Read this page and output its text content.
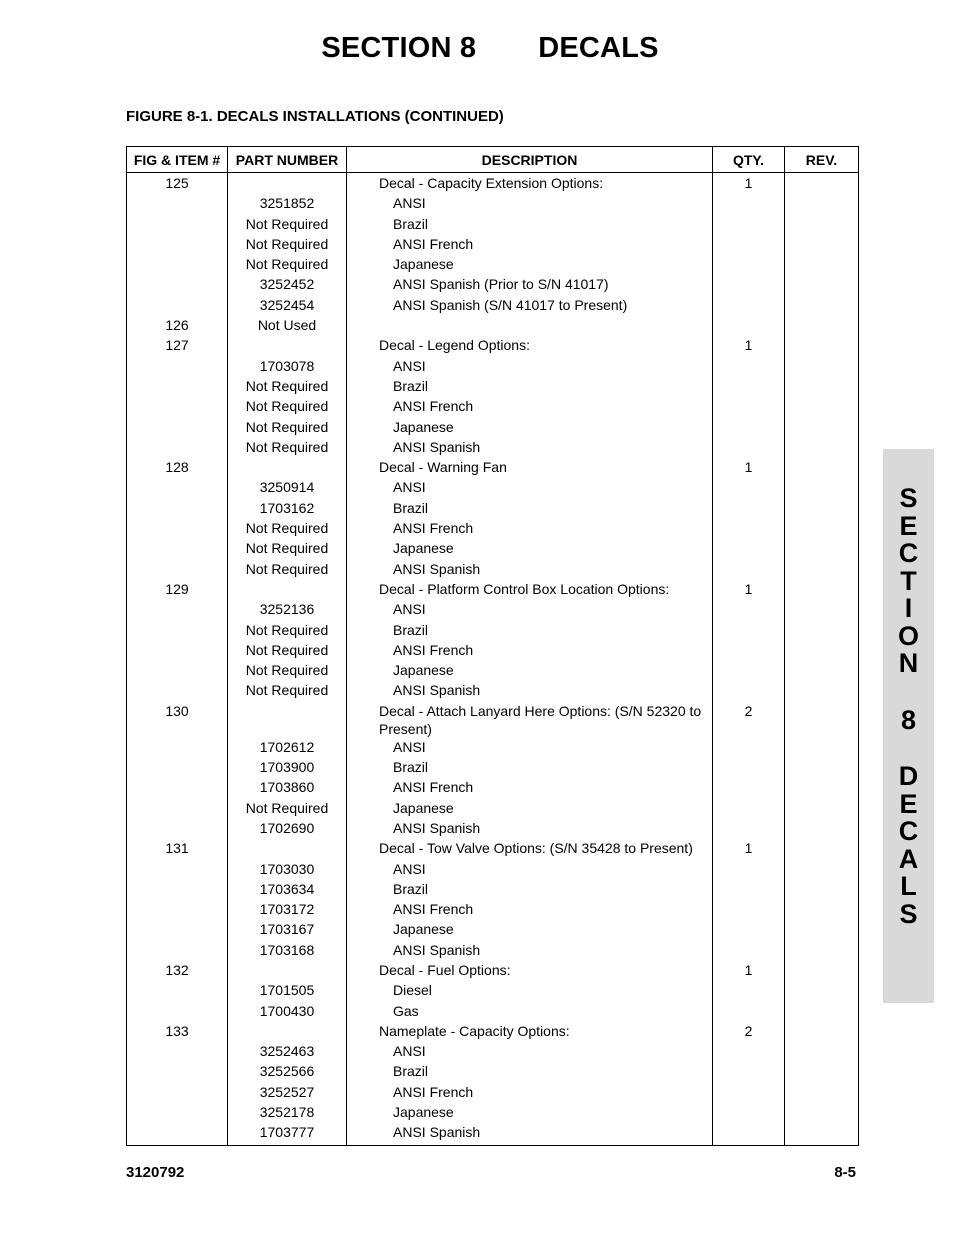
SECTION 8 DECALS
FIGURE 8-1. DECALS INSTALLATIONS (CONTINUED)
FIG & ITEM #	PART NUMBER	DESCRIPTION	QTY.	REV.
125		Decal - Capacity Extension Options:	1	
	3251852	ANSI		
	Not Required	Brazil		
	Not Required	ANSI French		
	Not Required	Japanese		
	3252452	ANSI Spanish (Prior to S/N 41017)		
	3252454	ANSI Spanish (S/N 41017 to Present)		
126	Not Used			
127		Decal - Legend Options:	1	
	1703078	ANSI		
	Not Required	Brazil		
	Not Required	ANSI French		
	Not Required	Japanese		
	Not Required	ANSI Spanish		
128		Decal - Warning Fan	1	
	3250914	ANSI		
	1703162	Brazil		
	Not Required	ANSI French		
	Not Required	Japanese		
	Not Required	ANSI Spanish		
129		Decal - Platform Control Box Location Options:	1	
	3252136	ANSI		
	Not Required	Brazil		
	Not Required	ANSI French		
	Not Required	Japanese		
	Not Required	ANSI Spanish		
130		Decal - Attach Lanyard Here Options: (S/N 52320 to Present)	2	
	1702612	ANSI		
	1703900	Brazil		
	1703860	ANSI French		
	Not Required	Japanese		
	1702690	ANSI Spanish		
131		Decal - Tow Valve Options: (S/N 35428 to Present)	1	
	1703030	ANSI		
	1703634	Brazil		
	1703172	ANSI French		
	1703167	Japanese		
	1703168	ANSI Spanish		
132		Decal - Fuel Options:	1	
	1701505	Diesel		
	1700430	Gas		
133		Nameplate - Capacity Options:	2	
	3252463	ANSI		
	3252566	Brazil		
	3252527	ANSI French		
	3252178	Japanese		
	1703777	ANSI Spanish		
3120792	8-5
S
E
C
T
I
O
N

8

D
E
C
A
L
S
